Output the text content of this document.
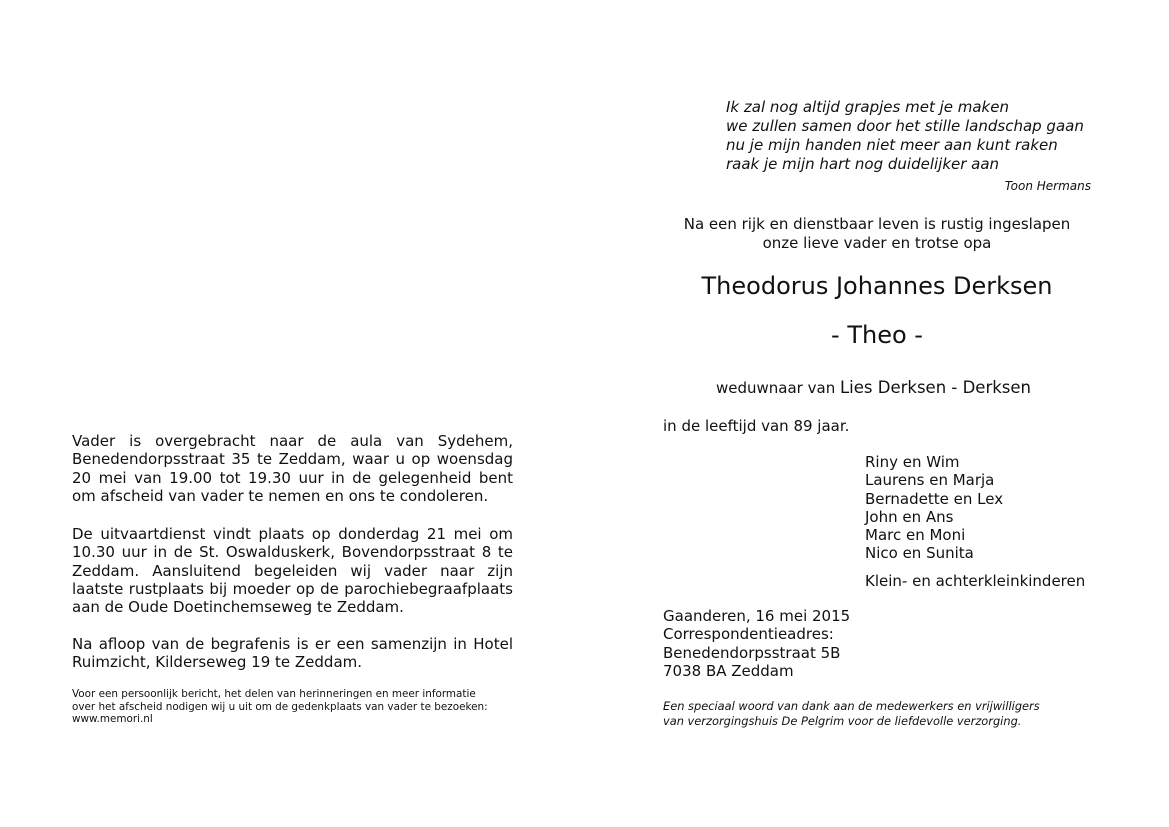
Vader is overgebracht naar de aula van Sydehem, Benedendorpsstraat 35 te Zeddam, waar u op woensdag 20 mei van 19.00 tot 19.30 uur in de gelegenheid bent om afscheid van vader te nemen en ons te condoleren.

De uitvaartdienst vindt plaats op donderdag 21 mei om 10.30 uur in de St. Oswalduskerk, Bovendorpsstraat 8 te Zeddam. Aansluitend begeleiden wij vader naar zijn laatste rustplaats bij moeder op de parochiebegraafplaats aan de Oude Doetinchemseweg te Zeddam.

Na afloop van de begrafenis is er een samenzijn in Hotel Ruimzicht, Kilderseweg 19 te Zeddam.

Voor een persoonlijk bericht, het delen van herinneringen en meer informatie
over het afscheid nodigen wij u uit om de gedenkplaats van vader te bezoeken:
www.memori.nl
Ik zal nog altijd grapjes met je maken
we zullen samen door het stille landschap gaan
nu je mijn handen niet meer aan kunt raken
raak je mijn hart nog duidelijker aan
Toon Hermans
Na een rijk en dienstbaar leven is rustig ingeslapen
onze lieve vader en trotse opa
Theodorus Johannes Derksen
- Theo -
weduwnaar van Lies Derksen - Derksen
in de leeftijd van 89 jaar.
Riny en Wim
Laurens en Marja
Bernadette en Lex
John en Ans
Marc en Moni
Nico en Sunita
Klein- en achterkleinkinderen
Gaanderen, 16 mei 2015
Correspondentieadres:
Benedendorpsstraat 5B
7038 BA Zeddam
Een speciaal woord van dank aan de medewerkers en vrijwilligers
van verzorgingshuis De Pelgrim voor de liefdevolle verzorging.
